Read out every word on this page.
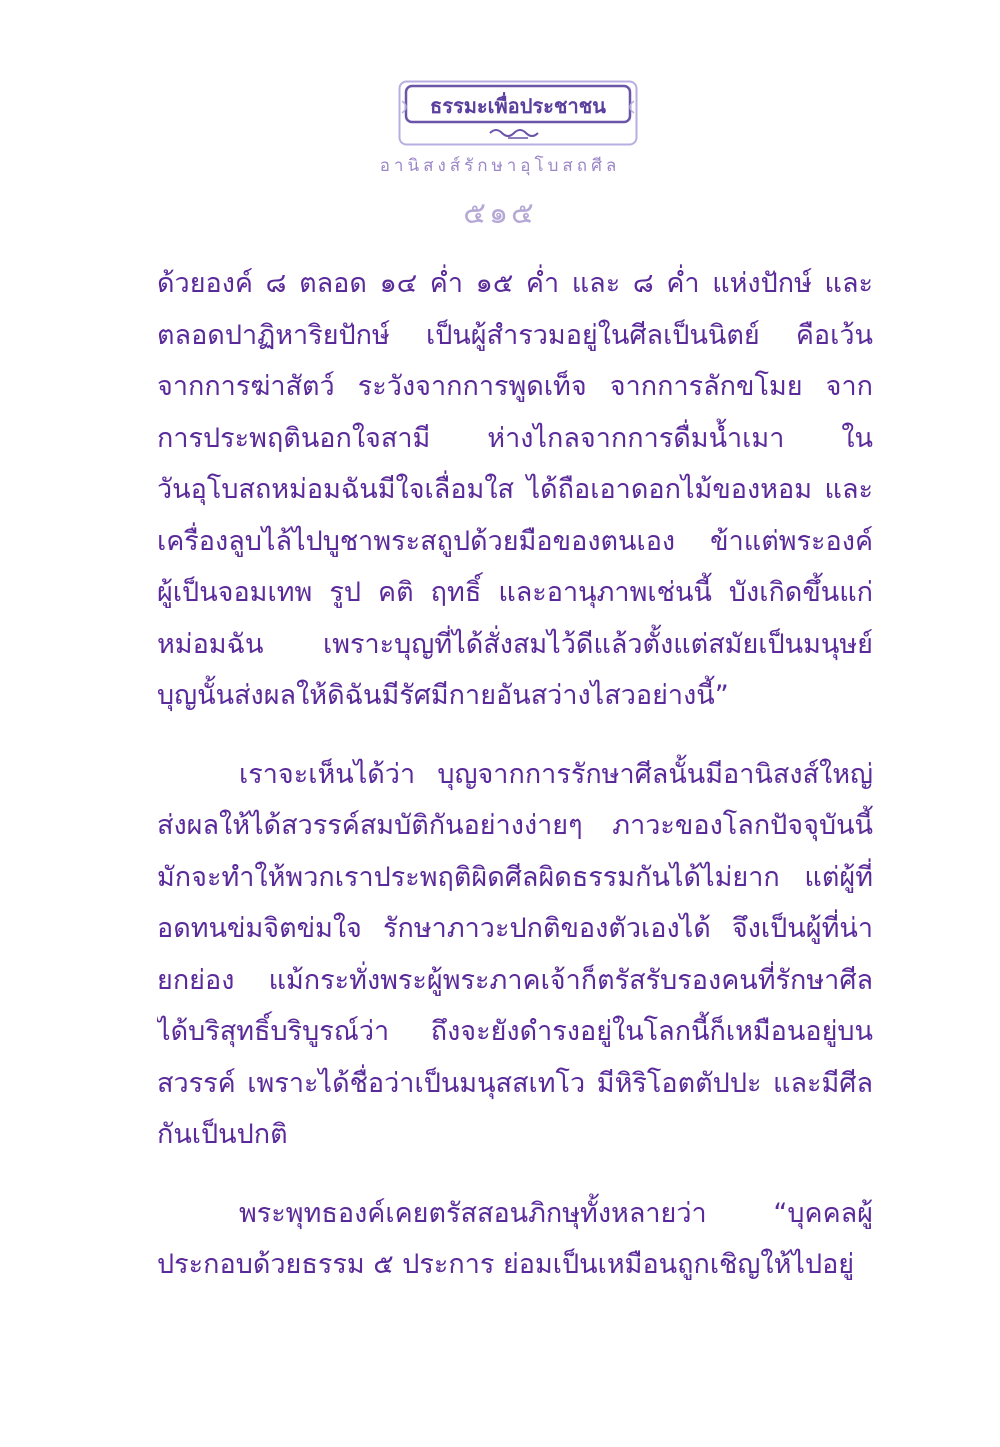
ธรรมะเพื่อประชาชน
อานิสงส์รักษาอุโบสถศีล
๕๑๕
ด้วยองค์ ๘ ตลอด ๑๔ ค่ำ ๑๕ ค่ำ และ ๘ ค่ำ แห่งปักษ์ และ
ตลอดปาฏิหาริยปักษ์ เป็นผู้สำรวมอยู่ในศีลเป็นนิตย์ คือเว้น
จากการฆ่าสัตว์ ระวังจากการพูดเท็จ จากการลักขโมย จาก
การประพฤตินอกใจสามี ห่างไกลจากการดื่มน้ำเมา ใน
วันอุโบสถหม่อมฉันมีใจเลื่อมใส ได้ถือเอาดอกไม้ของหอม และ
เครื่องลูบไล้ไปบูชาพระสถูปด้วยมือของตนเอง ข้าแต่พระองค์
ผู้เป็นจอมเทพ รูป คติ ฤทธิ์ และอานุภาพเช่นนี้ บังเกิดขึ้นแก่
หม่อมฉัน เพราะบุญที่ได้สั่งสมไว้ดีแล้วตั้งแต่สมัยเป็นมนุษย์
บุญนั้นส่งผลให้ดิฉันมีรัศมีกายอันสว่างไสวอย่างนี้”
เราจะเห็นได้ว่า บุญจากการรักษาศีลนั้นมีอานิสงส์ใหญ่
ส่งผลให้ได้สวรรค์สมบัติกันอย่างง่ายๆ ภาวะของโลกปัจจุบันนี้
มักจะทำให้พวกเราประพฤติผิดศีลผิดธรรมกันได้ไม่ยาก แต่ผู้ที่
อดทนข่มจิตข่มใจ รักษาภาวะปกติของตัวเองได้ จึงเป็นผู้ที่น่า
ยกย่อง แม้กระทั่งพระผู้พระภาคเจ้าก็ตรัสรับรองคนที่รักษาศีล
ได้บริสุทธิ์บริบูรณ์ว่า ถึงจะยังดำรงอยู่ในโลกนี้ก็เหมือนอยู่บน
สวรรค์ เพราะได้ชื่อว่าเป็นมนุสสเทโว มีหิริโอตตัปปะ และมีศีล
กันเป็นปกติ
พระพุทธองค์เคยตรัสสอนภิกษุทั้งหลายว่า “บุคคลผู้
ประกอบด้วยธรรม ๕ ประการ ย่อมเป็นเหมือนถูกเชิญให้ไปอยู่
